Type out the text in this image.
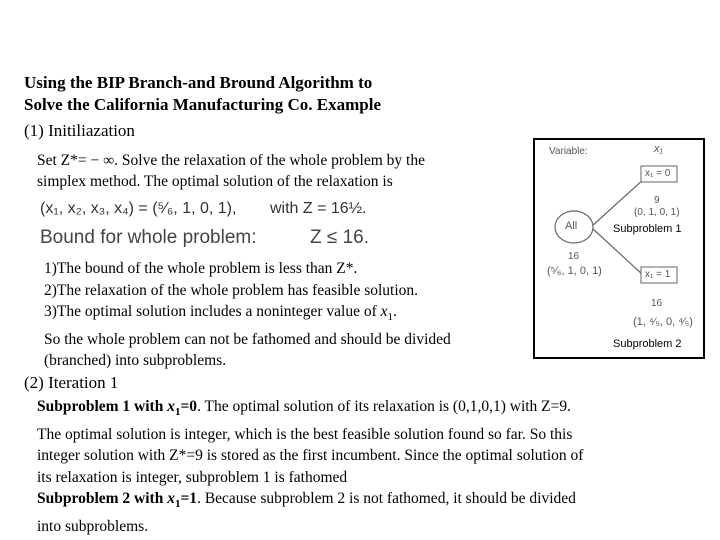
Using the BIP Branch-and Bround Algorithm to
Solve the California Manufacturing Co. Example
(1) Initiliazation
Set Z*= − ∞. Solve the relaxation of the whole problem by the
simplex method. The optimal solution of the relaxation is
(x₁, x₂, x₃, x₄) = (⁵⁄₆, 1, 0, 1), with Z = 16½.
Bound for whole problem:	Z ≤ 16.
1)The bound of the whole problem is less than Z*.
2)The relaxation of the whole problem has feasible solution.
3)The optimal solution includes a noninteger value of $x_1$.
So the whole problem can not be fathomed and should be divided
(branched) into subproblems.
Variable:	x₁
All
16
(⁵⁄₆, 1, 0, 1)
x₁ = 0
9
(0, 1, 0, 1)
Subproblem 1
x₁ = 1
16
(1, ⁴⁄₅, 0, ⁴⁄₅)
Subproblem 2
(2) Iteration 1

Subproblem 1 with $x_1=0$. The optimal solution of its relaxation is (0,1,0,1) with Z=9.

The optimal solution is integer, which is the best feasible solution found so far. So this

integer solution with Z*=9 is stored as the first incumbent. Since the optimal solution of

its relaxation is integer, subproblem 1 is fathomed

Subproblem 2 with $x_1=1$. Because subproblem 2 is not fathomed, it should be divided

into subproblems.
